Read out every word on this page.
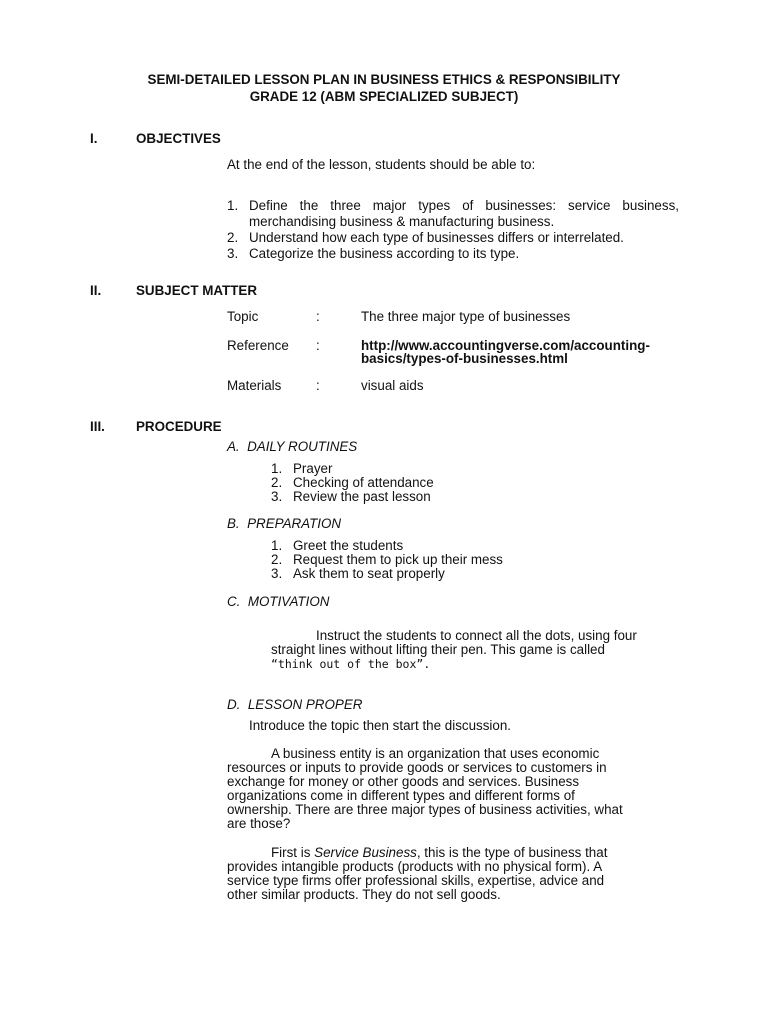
SEMI-DETAILED LESSON PLAN IN BUSINESS ETHICS & RESPONSIBILITY
GRADE 12 (ABM SPECIALIZED SUBJECT)
I.	OBJECTIVES
At the end of the lesson, students should be able to:
1. Define the three major types of businesses: service business,
merchandising business & manufacturing business.
2. Understand how each type of businesses differs or interrelated.
3. Categorize the business according to its type.
II.	SUBJECT MATTER
Topic	:	The three major type of businesses
Reference :	http://www.accountingverse.com/accounting-
basics/types-of-businesses.html
Materials	:	visual aids
III. PROCEDURE
A.  DAILY ROUTINES
1. Prayer
2. Checking of attendance
3. Review the past lesson
B.  PREPARATION
1. Greet the students
2. Request them to pick up their mess
3. Ask them to seat properly
C.  MOTIVATION
Instruct the students to connect all the dots, using four
straight lines without lifting their pen. This game is called
“think out of the box”.
D.  LESSON PROPER
Introduce the topic then start the discussion.
A business entity is an organization that uses economic
resources or inputs to provide goods or services to customers in
exchange for money or other goods and services. Business
organizations come in different types and different forms of
ownership. There are three major types of business activities, what
are those?
First is Service Business, this is the type of business that
provides intangible products (products with no physical form). A
service type firms offer professional skills, expertise, advice and
other similar products. They do not sell goods.
